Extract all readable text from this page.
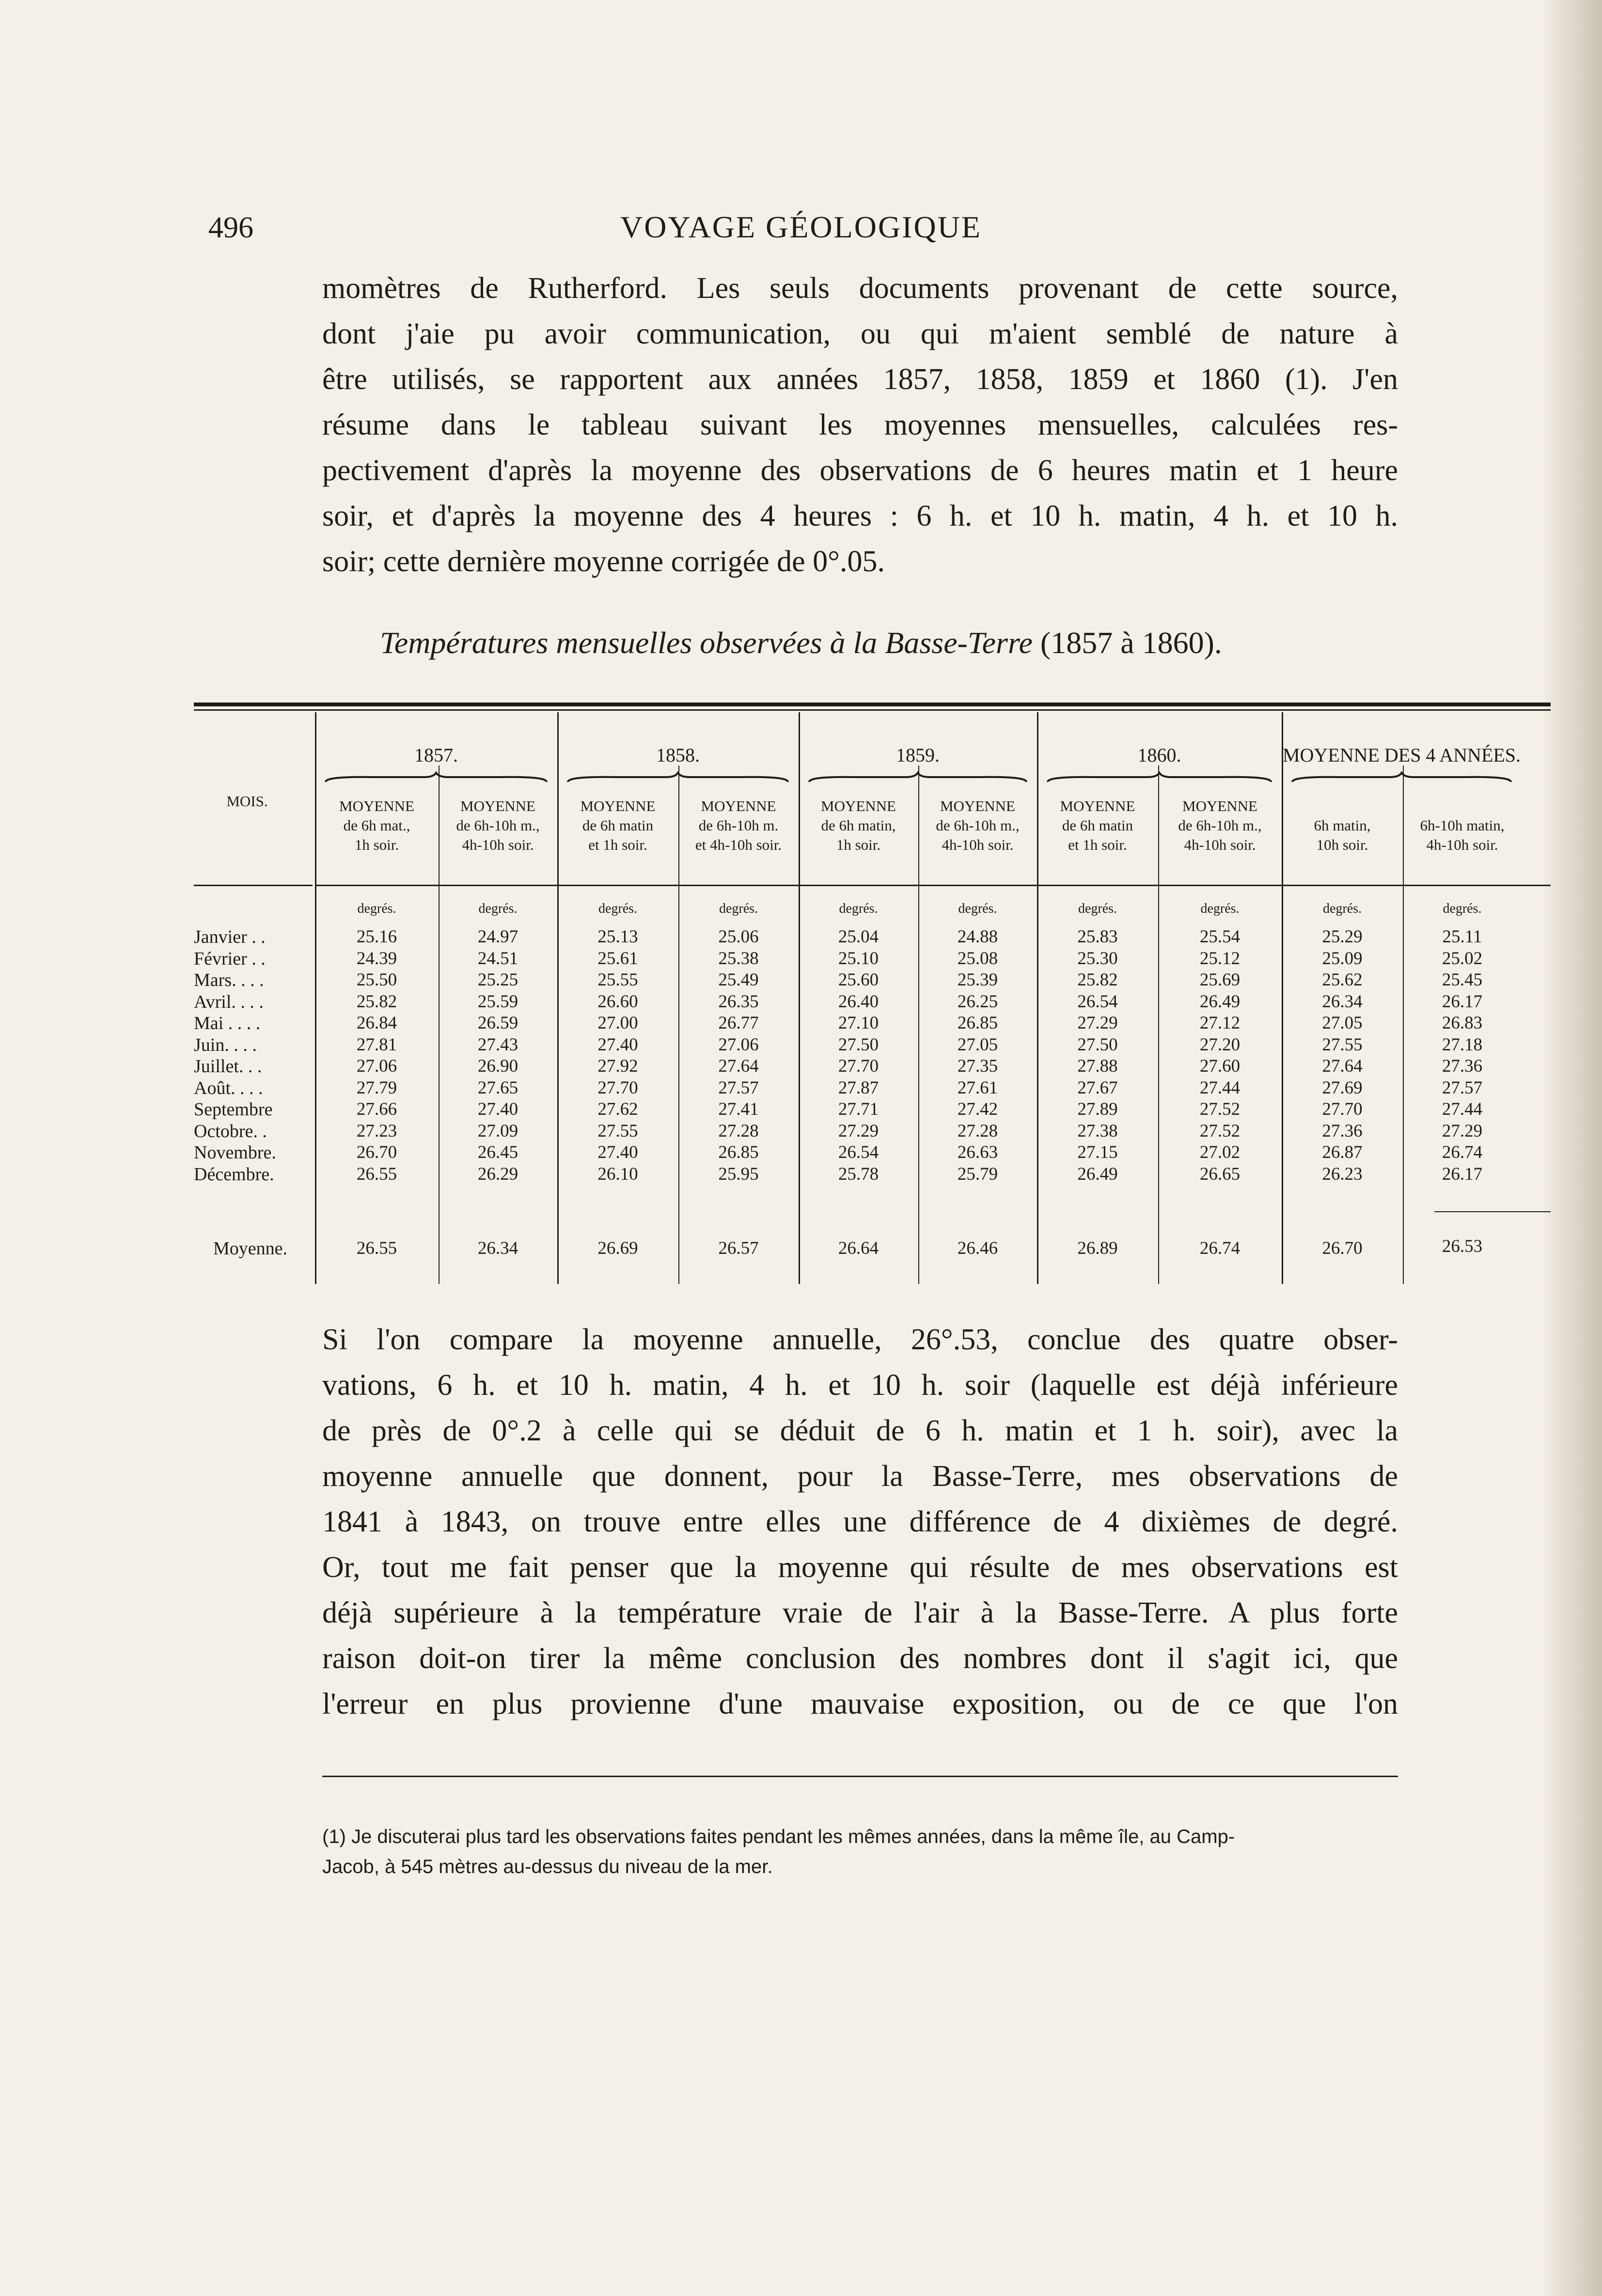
496	VOYAGE GÉOLOGIQUE
momètres de Rutherford. Les seuls documents provenant de cette source,
dont j'aie pu avoir communication, ou qui m'aient semblé de nature à
être utilisés, se rapportent aux années 1857, 1858, 1859 et 1860 (1). J'en
résume dans le tableau suivant les moyennes mensuelles, calculées res-
pectivement d'après la moyenne des observations de 6 heures matin et 1 heure
soir, et d'après la moyenne des 4 heures : 6 h. et 10 h. matin, 4 h. et 10 h.
soir; cette dernière moyenne corrigée de 0°.05.
Températures mensuelles observées à la Basse-Terre (1857 à 1860).
MOIS.
1857.	1858.	1859.	1860.	MOYENNE DES 4 ANNÉES.
MOYENNE
de 6h mat.,
1h soir.
MOYENNE
de 6h-10h m.,
4h-10h soir.
MOYENNE
de 6h matin
et 1h soir.
MOYENNE
de 6h-10h m.
et 4h-10h soir.
MOYENNE
de 6h matin,
1h soir.
MOYENNE
de 6h-10h m.,
4h-10h soir.
MOYENNE
de 6h matin
et 1h soir.
MOYENNE
de 6h-10h m.,
4h-10h soir.
6h matin,
10h soir.
6h-10h matin,
4h-10h soir.
degrés.	degrés.	degrés.	degrés.	degrés.	degrés.	degrés.	degrés.	degrés.	degrés.
Janvier . .	25.16	24.97	25.13	25.06	25.04	24.88	25.83	25.54	25.29	25.11
Février . .	24.39	24.51	25.61	25.38	25.10	25.08	25.30	25.12	25.09	25.02
Mars. . . .	25.50	25.25	25.55	25.49	25.60	25.39	25.82	25.69	25.62	25.45
Avril. . . .	25.82	25.59	26.60	26.35	26.40	26.25	26.54	26.49	26.34	26.17
Mai . . . .	26.84	26.59	27.00	26.77	27.10	26.85	27.29	27.12	27.05	26.83
Juin. . . .	27.81	27.43	27.40	27.06	27.50	27.05	27.50	27.20	27.55	27.18
Juillet. . .	27.06	26.90	27.92	27.64	27.70	27.35	27.88	27.60	27.64	27.36
Août. . . .	27.79	27.65	27.70	27.57	27.87	27.61	27.67	27.44	27.69	27.57
Septembre	27.66	27.40	27.62	27.41	27.71	27.42	27.89	27.52	27.70	27.44
Octobre. .	27.23	27.09	27.55	27.28	27.29	27.28	27.38	27.52	27.36	27.29
Novembre.	26.70	26.45	27.40	26.85	26.54	26.63	27.15	27.02	26.87	26.74
Décembre.	26.55	26.29	26.10	25.95	25.78	25.79	26.49	26.65	26.23	26.17
Moyenne.	26.55	26.34	26.69	26.57	26.64	26.46	26.89	26.74	26.70	26.53
Si l'on compare la moyenne annuelle, 26°.53, conclue des quatre obser-
vations, 6 h. et 10 h. matin, 4 h. et 10 h. soir (laquelle est déjà inférieure
de près de 0°.2 à celle qui se déduit de 6 h. matin et 1 h. soir), avec la
moyenne annuelle que donnent, pour la Basse-Terre, mes observations de
1841 à 1843, on trouve entre elles une différence de 4 dixièmes de degré.
Or, tout me fait penser que la moyenne qui résulte de mes observations est
déjà supérieure à la température vraie de l'air à la Basse-Terre. A plus forte
raison doit-on tirer la même conclusion des nombres dont il s'agit ici, que
l'erreur en plus provienne d'une mauvaise exposition, ou de ce que l'on
(1) Je discuterai plus tard les observations faites pendant les mêmes années, dans la même île, au Camp-
Jacob, à 545 mètres au-dessus du niveau de la mer.
